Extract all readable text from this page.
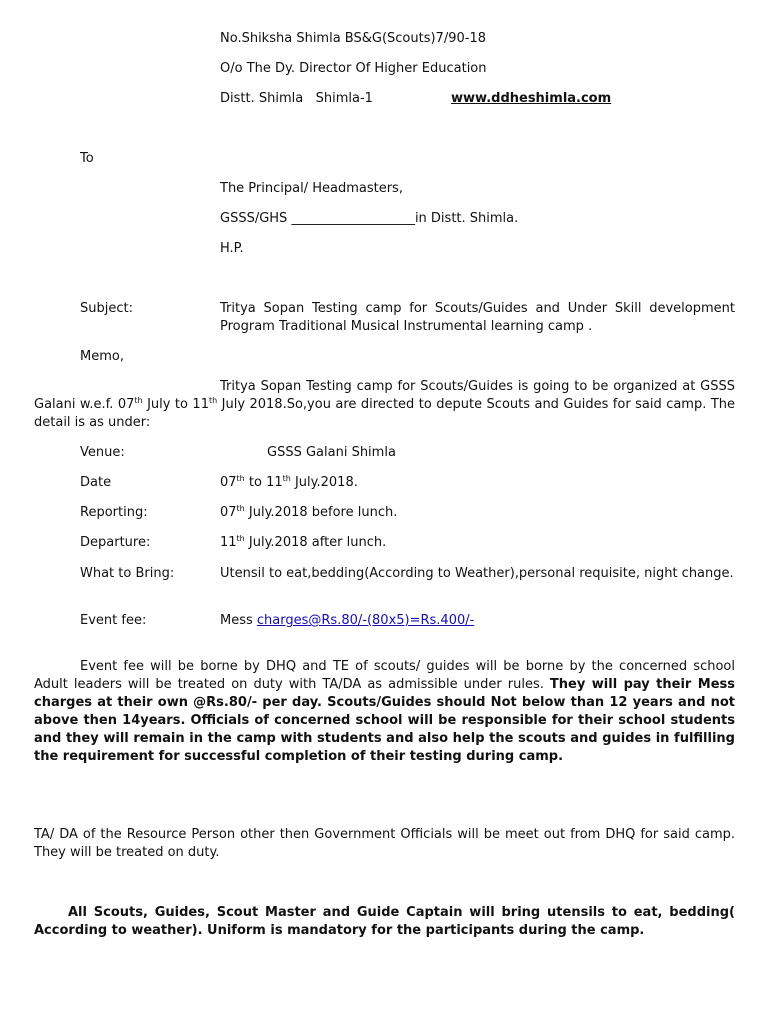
No.Shiksha Shimla BS&G(Scouts)7/90-18
O/o The Dy. Director Of Higher Education
Distt. Shimla   Shimla-1	www.ddheshimla.com
To
The Principal/ Headmasters,
GSSS/GHS ___________________in Distt. Shimla.
H.P.
Subject:	Tritya Sopan Testing camp for Scouts/Guides and Under Skill development Program Traditional Musical Instrumental learning camp .
Memo,
Tritya Sopan Testing camp for Scouts/Guides is going to be organized at GSSS Galani w.e.f. 07th July to 11th July 2018.So,you are directed to depute Scouts and Guides for said camp. The detail is as under:
Venue:	GSSS Galani Shimla
Date	07th to 11th July.2018.
Reporting:	07th July.2018 before lunch.
Departure:	11th July.2018 after lunch.
What to Bring:	Utensil to eat,bedding(According to Weather),personal requisite, night change.
Event fee:	Mess charges@Rs.80/-(80x5)=Rs.400/-
Event fee will be borne by DHQ and TE of scouts/ guides will be borne by the concerned school Adult leaders will be treated on duty with TA/DA as admissible under rules. They will pay their Mess charges at their own @Rs.80/- per day. Scouts/Guides should Not below than 12 years and not above then 14years. Officials of concerned school will be responsible for their school students and they will remain in the camp with students and also help the scouts and guides in fulfilling the requirement for successful completion of their testing during camp.
TA/ DA of the Resource Person other then Government Officials will be meet out from DHQ for said camp. They will be treated on duty.
All Scouts, Guides, Scout Master and Guide Captain will bring utensils to eat, bedding( According to weather). Uniform is mandatory for the participants during the camp.
